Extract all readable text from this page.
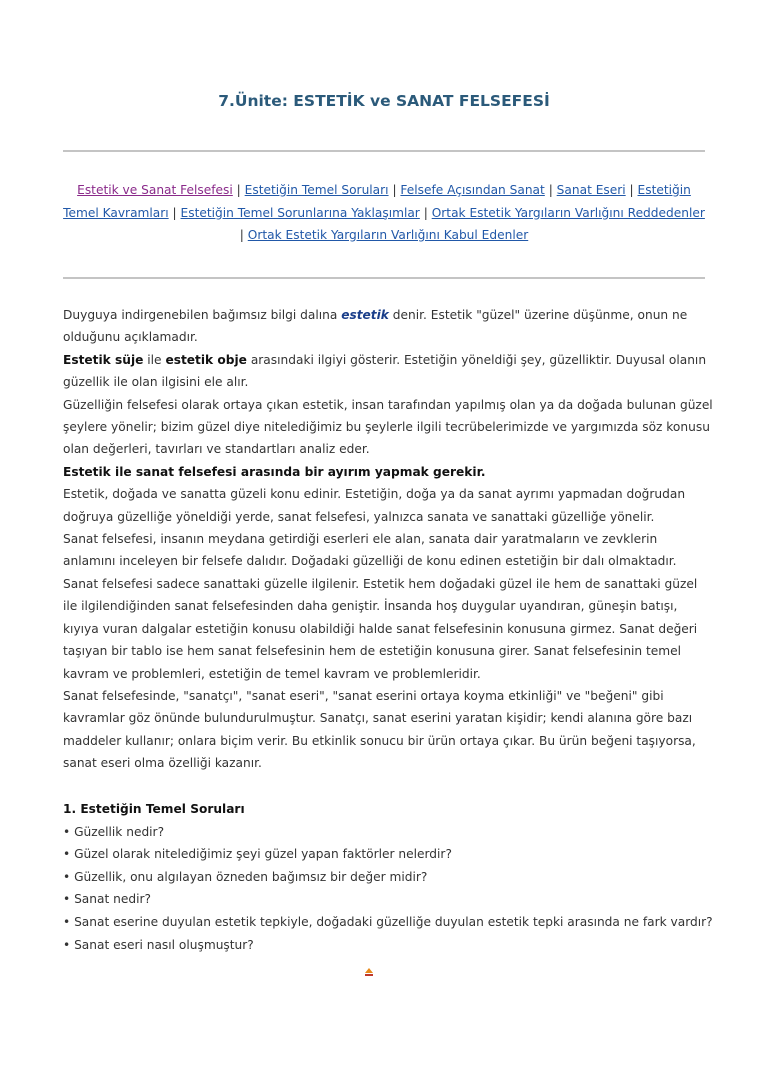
7.Ünite: ESTETİK ve SANAT FELSEFESİ
Estetik ve Sanat Felsefesi | Estetiğin Temel Soruları | Felsefe Açısından Sanat | Sanat Eseri | Estetiğin Temel Kavramları | Estetiğin Temel Sorunlarına Yaklaşımlar | Ortak Estetik Yargıların Varlığını Reddedenler | Ortak Estetik Yargıların Varlığını Kabul Edenler

Duyguya indirgenebilen bağımsız bilgi dalına estetik denir. Estetik "güzel" üzerine düşünme, onun ne olduğunu açıklamadır.

Estetik süje ile estetik obje arasındaki ilgiyi gösterir. Estetiğin yöneldiği şey, güzelliktir. Duyusal olanın güzellik ile olan ilgisini ele alır.

Güzelliğin felsefesi olarak ortaya çıkan estetik, insan tarafından yapılmış olan ya da doğada bulunan güzel şeylere yönelir; bizim güzel diye nitelediğimiz bu şeylerle ilgili tecrübelerimizde ve yargımızda söz konusu olan değerleri, tavırları ve standartları analiz eder.

Estetik ile sanat felsefesi arasında bir ayırım yapmak gerekir.

Estetik, doğada ve sanatta güzeli konu edinir. Estetiğin, doğa ya da sanat ayrımı yapmadan doğrudan doğruya güzelliğe yöneldiği yerde, sanat felsefesi, yalnızca sanata ve sanattaki güzelliğe yönelir.

Sanat felsefesi, insanın meydana getirdiği eserleri ele alan, sanata dair yaratmaların ve zevklerin anlamını inceleyen bir felsefe dalıdır. Doğadaki güzelliği de konu edinen estetiğin bir dalı olmaktadır.

Sanat felsefesi sadece sanattaki güzelle ilgilenir. Estetik hem doğadaki güzel ile hem de sanattaki güzel ile ilgilendiğinden sanat felsefesinden daha geniştir. İnsanda hoş duygular uyandıran, güneşin batışı, kıyıya vuran dalgalar estetiğin konusu olabildiği halde sanat felsefesinin konusuna girmez. Sanat değeri taşıyan bir tablo ise hem sanat felsefesinin hem de estetiğin konusuna girer. Sanat felsefesinin temel kavram ve problemleri, estetiğin de temel kavram ve problemleridir.

Sanat felsefesinde, "sanatçı", "sanat eseri", "sanat eserini ortaya koyma etkinliği" ve "beğeni" gibi kavramlar göz önünde bulundurulmuştur. Sanatçı, sanat eserini yaratan kişidir; kendi alanına göre bazı maddeler kullanır; onlara biçim verir. Bu etkinlik sonucu bir ürün ortaya çıkar. Bu ürün beğeni taşıyorsa, sanat eseri olma özelliği kazanır.

1. Estetiğin Temel Soruları

• Güzellik nedir?

• Güzel olarak nitelediğimiz şeyi güzel yapan faktörler nelerdir?

• Güzellik, onu algılayan özneden bağımsız bir değer midir?

• Sanat nedir?

• Sanat eserine duyulan estetik tepkiyle, doğadaki güzelliğe duyulan estetik tepki arasında ne fark vardır?

• Sanat eseri nasıl oluşmuştur?
